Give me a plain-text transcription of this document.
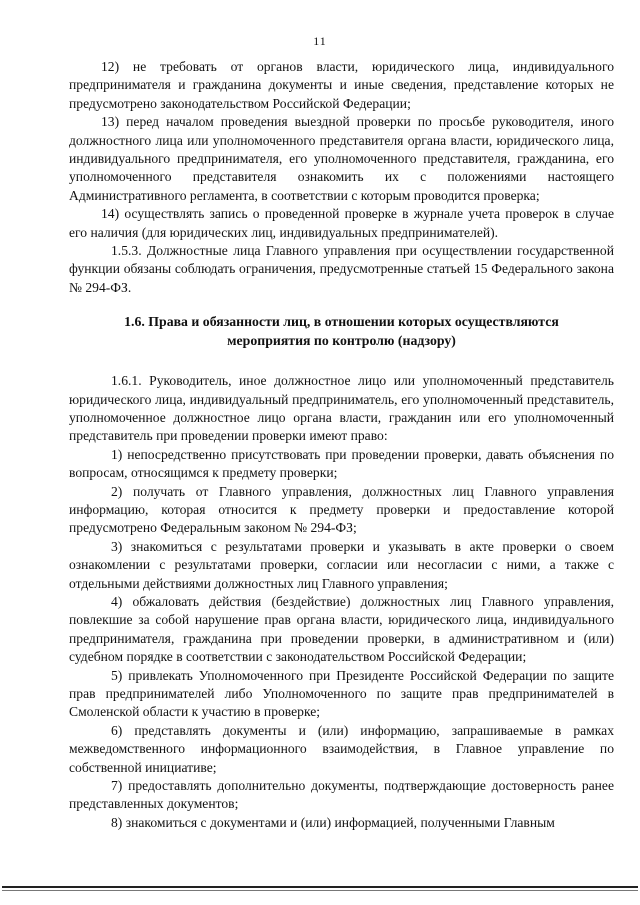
11

12) не требовать от органов власти, юридического лица, индивидуального предпринимателя и гражданина документы и иные сведения, представление которых не предусмотрено законодательством Российской Федерации;

13) перед началом проведения выездной проверки по просьбе руководителя, иного должностного лица или уполномоченного представителя органа власти, юридического лица, индивидуального предпринимателя, его уполномоченного представителя, гражданина, его уполномоченного представителя ознакомить их с положениями настоящего Административного регламента, в соответствии с которым проводится проверка;

14) осуществлять запись о проведенной проверке в журнале учета проверок в случае его наличия (для юридических лиц, индивидуальных предпринимателей).

1.5.3. Должностные лица Главного управления при осуществлении государственной функции обязаны соблюдать ограничения, предусмотренные статьей 15 Федерального закона № 294-ФЗ.

1.6. Права и обязанности лиц, в отношении которых осуществляются
мероприятия по контролю (надзору)

1.6.1. Руководитель, иное должностное лицо или уполномоченный представитель юридического лица, индивидуальный предприниматель, его уполномоченный представитель, уполномоченное должностное лицо органа власти, гражданин или его уполномоченный представитель при проведении проверки имеют право:

1) непосредственно присутствовать при проведении проверки, давать объяснения по вопросам, относящимся к предмету проверки;

2) получать от Главного управления, должностных лиц Главного управления информацию, которая относится к предмету проверки и предоставление которой предусмотрено Федеральным законом № 294-ФЗ;

3) знакомиться с результатами проверки и указывать в акте проверки о своем ознакомлении с результатами проверки, согласии или несогласии с ними, а также с отдельными действиями должностных лиц Главного управления;

4) обжаловать действия (бездействие) должностных лиц Главного управления, повлекшие за собой нарушение прав органа власти, юридического лица, индивидуального предпринимателя, гражданина при проведении проверки, в административном и (или) судебном порядке в соответствии с законодательством Российской Федерации;

5) привлекать Уполномоченного при Президенте Российской Федерации по защите прав предпринимателей либо Уполномоченного по защите прав предпринимателей в Смоленской области к участию в проверке;

6) представлять документы и (или) информацию, запрашиваемые в рамках межведомственного информационного взаимодействия, в Главное управление по собственной инициативе;

7) предоставлять дополнительно документы, подтверждающие достоверность ранее представленных документов;

8) знакомиться с документами и (или) информацией, полученными Главным
